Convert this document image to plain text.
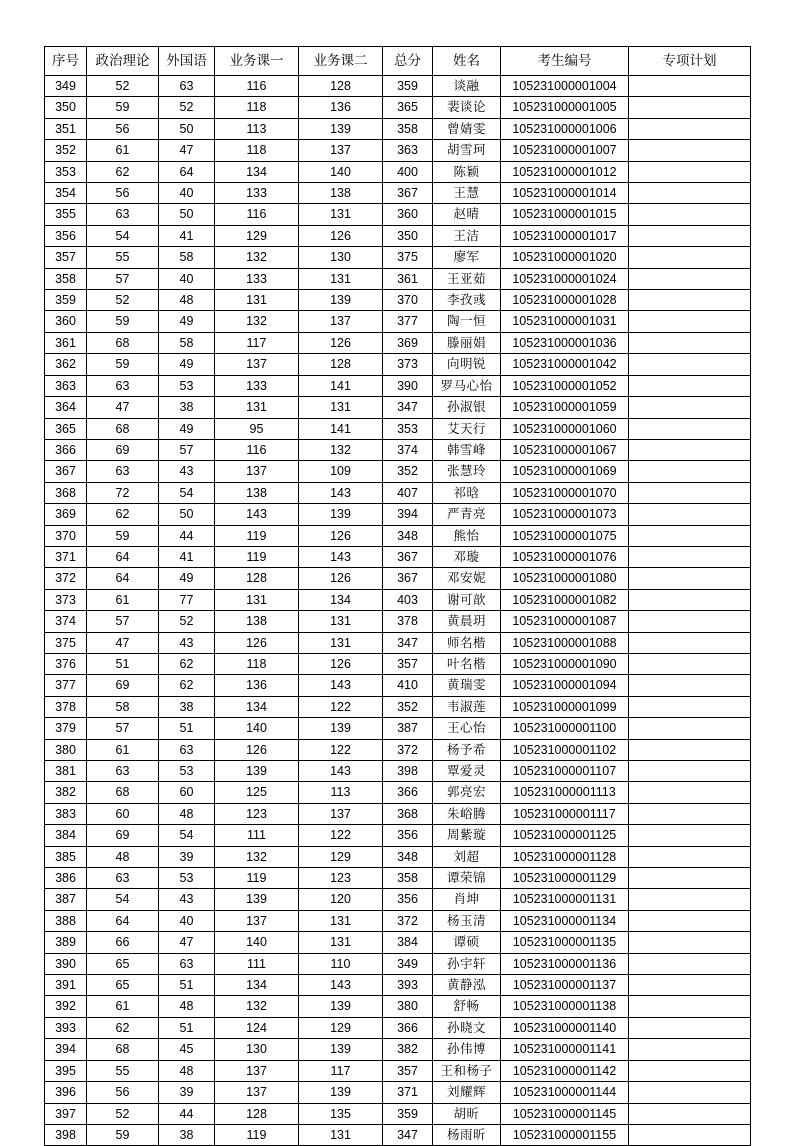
序号	政治理论	外国语	业务课一	业务课二	总分	姓名	考生编号	专项计划
349	52	63	116	128	359	谈融	105231000001004	
350	59	52	118	136	365	裴谈论	105231000001005	
351	56	50	113	139	358	曾婧雯	105231000001006	
352	61	47	118	137	363	胡雪珂	105231000001007	
353	62	64	134	140	400	陈颖	105231000001012	
354	56	40	133	138	367	王慧	105231000001014	
355	63	50	116	131	360	赵晴	105231000001015	
356	54	41	129	126	350	王洁	105231000001017	
357	55	58	132	130	375	廖军	105231000001020	
358	57	40	133	131	361	王亚茹	105231000001024	
359	52	48	131	139	370	李孜彧	105231000001028	
360	59	49	132	137	377	陶一恒	105231000001031	
361	68	58	117	126	369	滕丽娟	105231000001036	
362	59	49	137	128	373	向明锐	105231000001042	
363	63	53	133	141	390	罗马心怡	105231000001052	
364	47	38	131	131	347	孙淑银	105231000001059	
365	68	49	95	141	353	艾天行	105231000001060	
366	69	57	116	132	374	韩雪峰	105231000001067	
367	63	43	137	109	352	张慧玲	105231000001069	
368	72	54	138	143	407	祁晗	105231000001070	
369	62	50	143	139	394	严青亮	105231000001073	
370	59	44	119	126	348	熊怡	105231000001075	
371	64	41	119	143	367	邓璇	105231000001076	
372	64	49	128	126	367	邓安妮	105231000001080	
373	61	77	131	134	403	谢可歆	105231000001082	
374	57	52	138	131	378	黄晨玥	105231000001087	
375	47	43	126	131	347	师名楷	105231000001088	
376	51	62	118	126	357	叶名楷	105231000001090	
377	69	62	136	143	410	黄瑞雯	105231000001094	
378	58	38	134	122	352	韦淑莲	105231000001099	
379	57	51	140	139	387	王心怡	105231000001100	
380	61	63	126	122	372	杨予希	105231000001102	
381	63	53	139	143	398	覃爱灵	105231000001107	
382	68	60	125	113	366	郭亮宏	105231000001113	
383	60	48	123	137	368	朱峪腾	105231000001117	
384	69	54	111	122	356	周紫璇	105231000001125	
385	48	39	132	129	348	刘超	105231000001128	
386	63	53	119	123	358	谭荣锦	105231000001129	
387	54	43	139	120	356	肖坤	105231000001131	
388	64	40	137	131	372	杨玉清	105231000001134	
389	66	47	140	131	384	谭硕	105231000001135	
390	65	63	111	110	349	孙宇轩	105231000001136	
391	65	51	134	143	393	黄静泓	105231000001137	
392	61	48	132	139	380	舒畅	105231000001138	
393	62	51	124	129	366	孙晓文	105231000001140	
394	68	45	130	139	382	孙伟博	105231000001141	
395	55	48	137	117	357	王和杨子	105231000001142	
396	56	39	137	139	371	刘耀辉	105231000001144	
397	52	44	128	135	359	胡昕	105231000001145	
398	59	38	119	131	347	杨雨昕	105231000001155	
